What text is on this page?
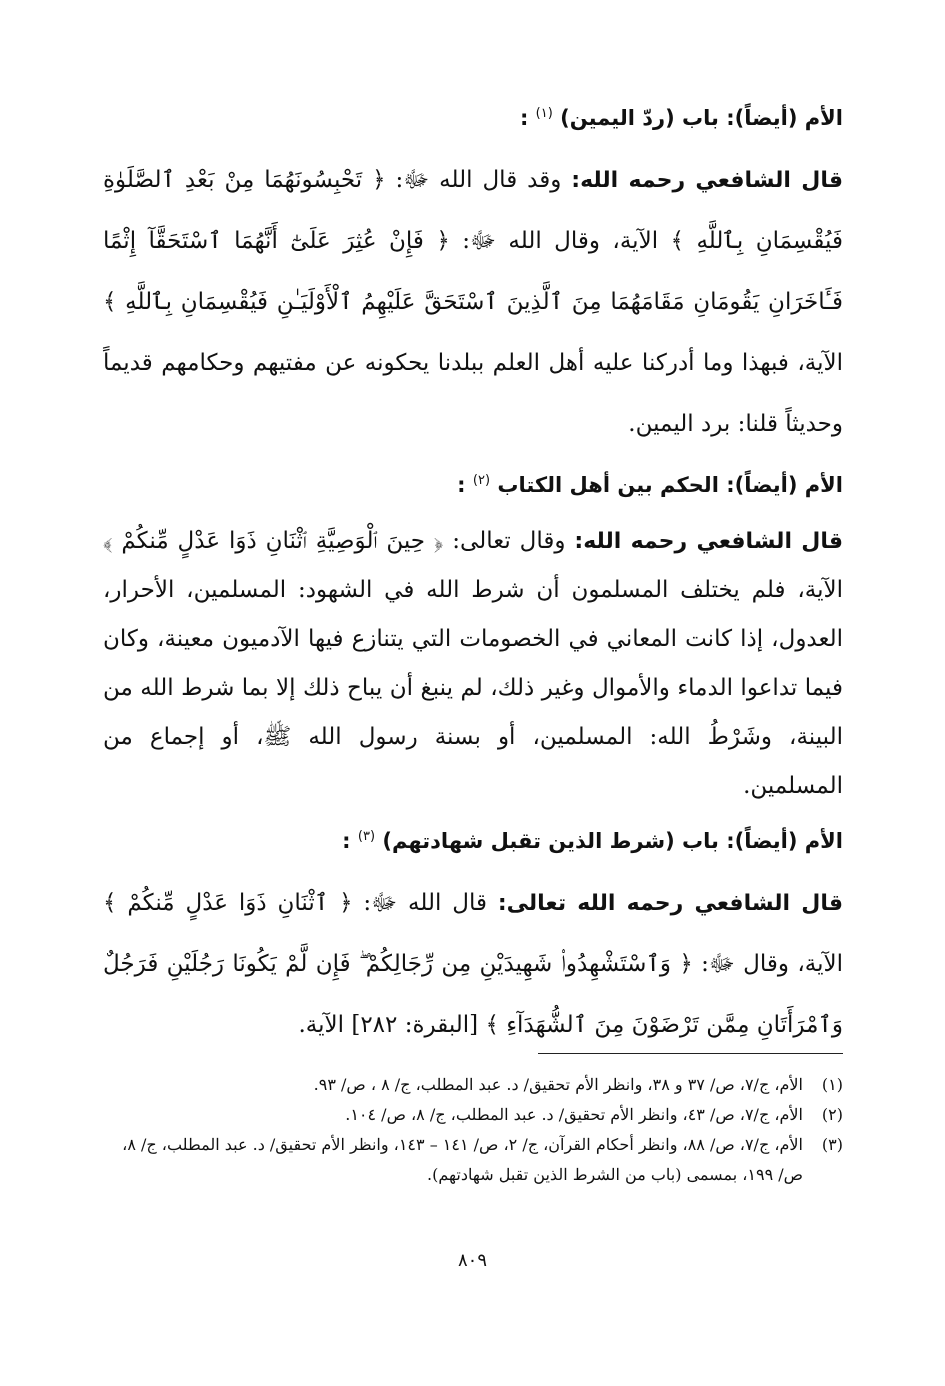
الأم (أيضاً): باب (ردّ اليمين) $^{(١)}$ :

قال الشافعي رحمه الله: وقد قال الله ﷻ: ﴿ تَحْبِسُونَهُمَا مِنْ بَعْدِ ٱلصَّلَوٰةِ فَيُقْسِمَانِ بِٱللَّهِ ﴾ الآية، وقال الله ﷻ: ﴿ فَإِنْ عُثِرَ عَلَىٰٓ أَنَّهُمَا ٱسْتَحَقَّآ إِثْمًا فَـَٔاخَرَانِ يَقُومَانِ مَقَامَهُمَا مِنَ ٱلَّذِينَ ٱسْتَحَقَّ عَلَيْهِمُ ٱلْأَوْلَيَـٰنِ فَيُقْسِمَانِ بِٱللَّهِ ﴾ الآية، فبهذا وما أدركنا عليه أهل العلم ببلدنا يحكونه عن مفتيهم وحكامهم قديماً وحديثاً قلنا: برد اليمين.

الأم (أيضاً): الحكم بين أهل الكتاب $^{(٢)}$ :

قال الشافعي رحمه الله: وقال تعالى: ﴿ حِينَ ٱلْوَصِيَّةِ ٱثْنَانِ ذَوَا عَدْلٍ مِّنكُمْ ﴾ الآية، فلم يختلف المسلمون أن شرط الله في الشهود: المسلمين، الأحرار، العدول، إذا كانت المعاني في الخصومات التي يتنازع فيها الآدميون معينة، وكان فيما تداعوا الدماء والأموال وغير ذلك، لم ينبغ أن يباح ذلك إلا بما شرط الله من البينة، وشَرْطُ الله: المسلمين، أو بسنة رسول الله ﷺ، أو إجماع من المسلمين.

الأم (أيضاً): باب (شرط الذين تقبل شهادتهم) $^{(٣)}$ :

قال الشافعي رحمه الله تعالى: قال الله ﷻ: ﴿ ٱثْنَانِ ذَوَا عَدْلٍ مِّنكُمْ ﴾ الآية، وقال ﷻ: ﴿ وَٱسْتَشْهِدُوا۟ شَهِيدَيْنِ مِن رِّجَالِكُمْ ۖ فَإِن لَّمْ يَكُونَا رَجُلَيْنِ فَرَجُلٌ وَٱمْرَأَتَانِ مِمَّن تَرْضَوْنَ مِنَ ٱلشُّهَدَآءِ ﴾ [البقرة: ٢٨٢] الآية.

(١)
الأم، ج/٧، ص/ ٣٧ و ٣٨، وانظر الأم تحقيق/ د. عبد المطلب، ج/ ٨ ، ص/ ٩٣.
(٢)
الأم، ج/٧، ص/ ٤٣، وانظر الأم تحقيق/ د. عبد المطلب، ج/ ٨، ص/ ١٠٤.
(٣)
الأم، ج/٧، ص/ ٨٨، وانظر أحكام القرآن، ج/ ٢، ص/ ١٤١ – ١٤٣، وانظر الأم تحقيق/ د. عبد المطلب، ج/ ٨، ص/ ١٩٩، بمسمى (باب من الشرط الذين تقبل شهادتهم).
٨٠٩
